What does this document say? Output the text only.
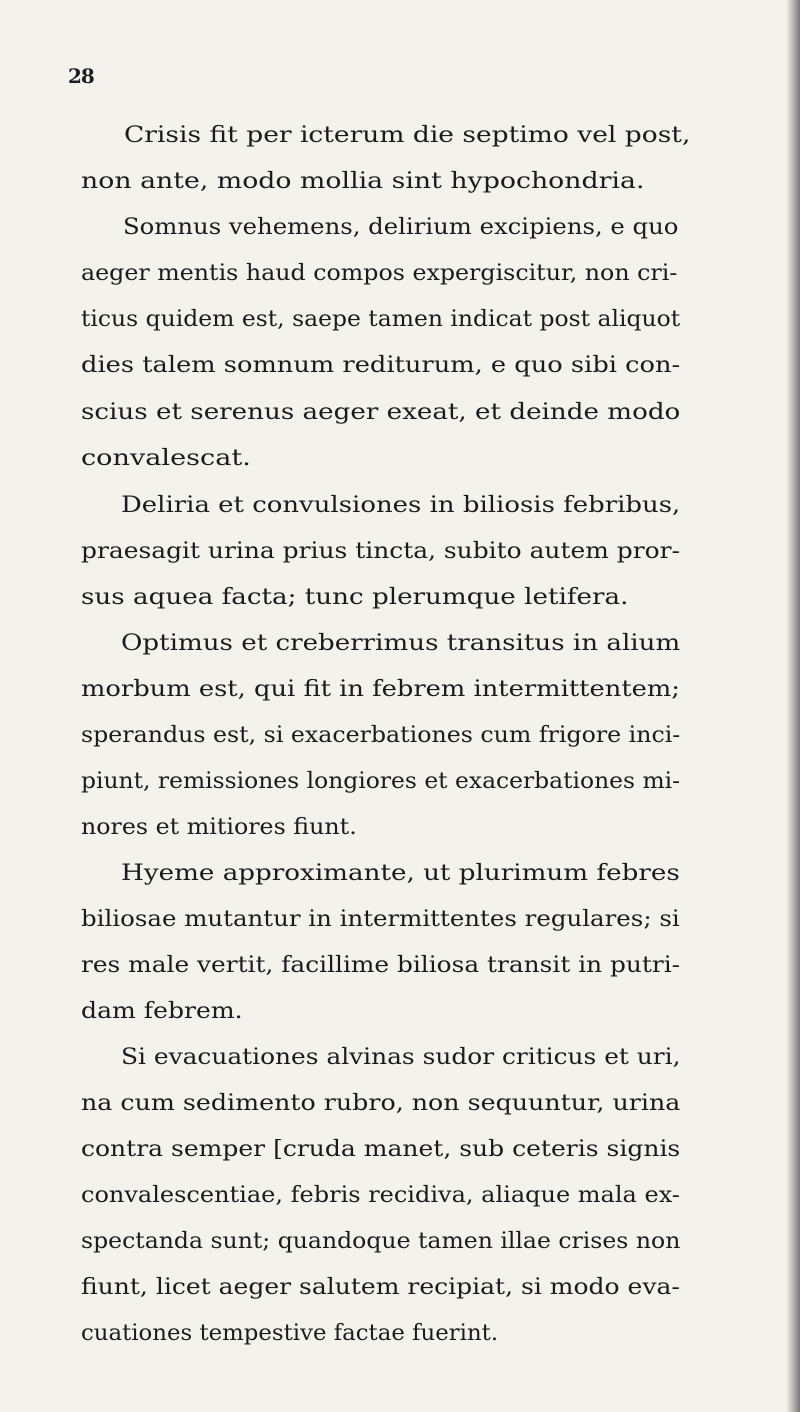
28
Crisis fit per icterum die septimo vel post,
non ante, modo mollia sint hypochondria.
Somnus vehemens, delirium excipiens, e quo
aeger mentis haud compos expergiscitur, non cri-
ticus quidem est, saepe tamen indicat post aliquot
dies talem somnum rediturum, e quo sibi con-
scius et serenus aeger exeat, et deinde modo
convalescat.
Deliria et convulsiones in biliosis febribus,
praesagit urina prius tincta, subito autem pror-
sus aquea facta; tunc plerumque letifera.
Optimus et creberrimus transitus in alium
morbum est, qui fit in febrem intermittentem;
sperandus est, si exacerbationes cum frigore inci-
piunt, remissiones longiores et exacerbationes mi-
nores et mitiores fiunt.
Hyeme approximante, ut plurimum febres
biliosae mutantur in intermittentes regulares; si
res male vertit, facillime biliosa transit in putri-
dam febrem.
Si evacuationes alvinas sudor criticus et uri,
na cum sedimento rubro, non sequuntur, urina
contra semper [cruda manet, sub ceteris signis
convalescentiae, febris recidiva, aliaque mala ex-
spectanda sunt; quandoque tamen illae crises non
fiunt, licet aeger salutem recipiat, si modo eva-
cuationes tempestive factae fuerint.
